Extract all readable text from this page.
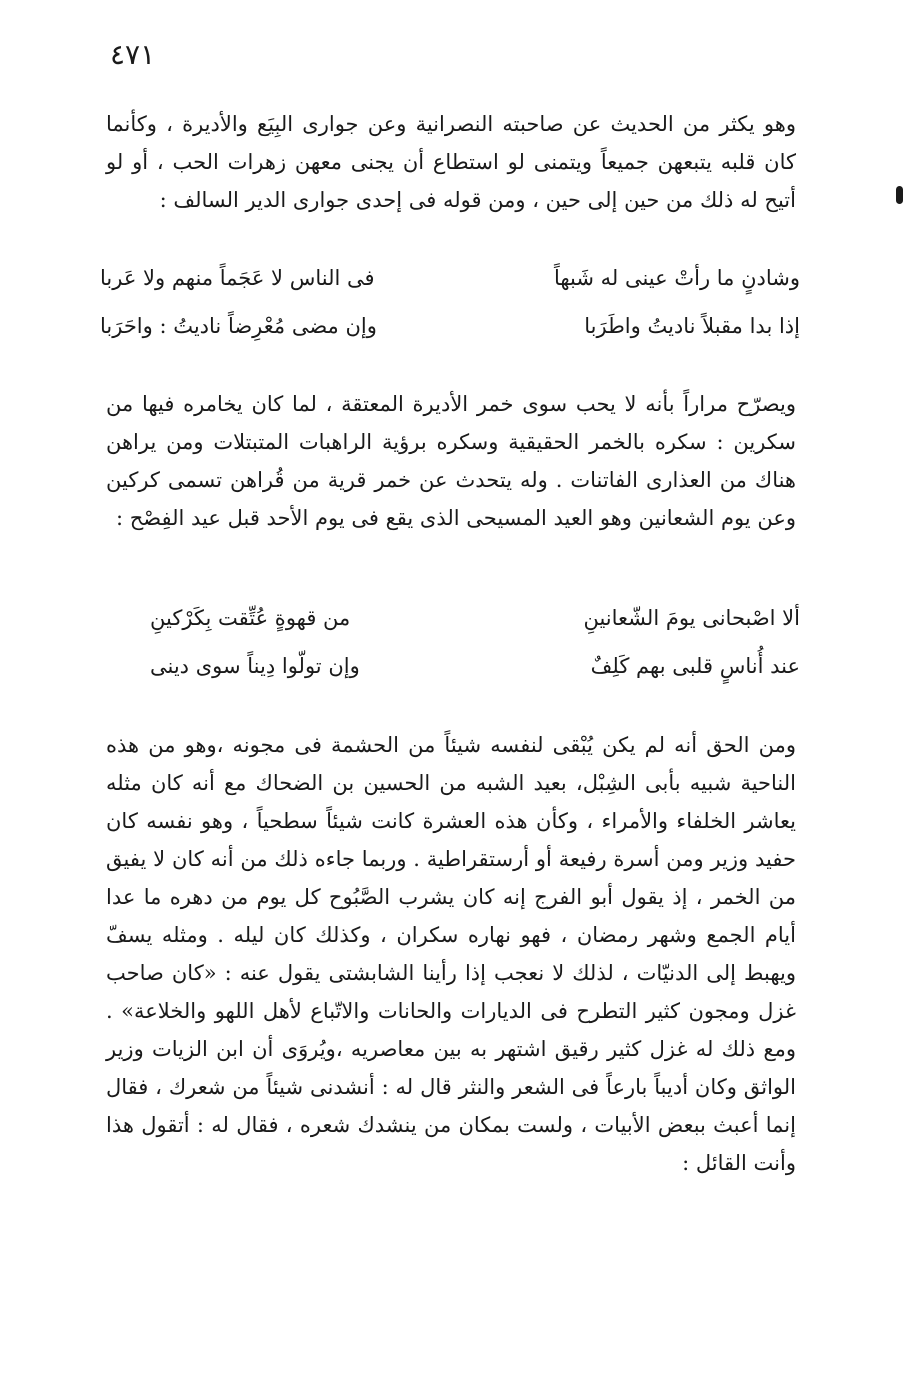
٤٧١

وهو يكثر من الحديث عن صاحبته النصرانية وعن جوارى البِيَع والأديرة ، وكأنما كان قلبه يتبعهن جميعاً ويتمنى لو استطاع أن يجنى معهن زهرات الحب ، أو لو أتيح له ذلك من حين إلى حين ، ومن قوله فى إحدى جوارى الدير السالف :

وشادنٍ ما رأتْ عينى له شَبهاً
فى الناس لا عَجَماً منهم ولا عَربا
إذا بدا مقبلاً ناديتُ واطَرَبا
وإن مضى مُعْرِضاً ناديتُ : واحَرَبا

ويصرّح مراراً بأنه لا يحب سوى خمر الأديرة المعتقة ، لما كان يخامره فيها من سكرين : سكره بالخمر الحقيقية وسكره برؤية الراهبات المتبتلات ومن يراهن هناك من العذارى الفاتنات . وله يتحدث عن خمر قرية من قُراهن تسمى كركين وعن يوم الشعانين وهو العيد المسيحى الذى يقع فى يوم الأحد قبل عيد الفِصْح :

ألا اصْبحانى يومَ الشّعانينِ
من قهوةٍ عُتِّقت بِكَرْكينِ
عند أُناسٍ قلبى بهم كَلِفٌ
وإن تولّوا دِيناً سوى دينى

ومن الحق أنه لم يكن يُبْقى لنفسه شيئاً من الحشمة فى مجونه ،وهو من هذه الناحية شبيه بأبى الشِبْل، بعيد الشبه من الحسين بن الضحاك مع أنه كان مثله يعاشر الخلفاء والأمراء ، وكأن هذه العشرة كانت شيئاً سطحياً ، وهو نفسه كان حفيد وزير ومن أسرة رفيعة أو أرستقراطية . وربما جاءه ذلك من أنه كان لا يفيق من الخمر ، إذ يقول أبو الفرج إنه كان يشرب الصَّبُوح كل يوم من دهره ما عدا أيام الجمع وشهر رمضان ، فهو نهاره سكران ، وكذلك كان ليله . ومثله يسفّ ويهبط إلى الدنيّات ، لذلك لا نعجب إذا رأينا الشابشتى يقول عنه : «كان صاحب غزل ومجون كثير التطرح فى الديارات والحانات والاتّباع لأهل اللهو والخلاعة» . ومع ذلك له غزل كثير رقيق اشتهر به بين معاصريه ،ويُروَى أن ابن الزيات وزير الواثق وكان أديباً بارعاً فى الشعر والنثر قال له : أنشدنى شيئاً من شعرك ، فقال إنما أعبث ببعض الأبيات ، ولست بمكان من ينشدك شعره ، فقال له : أتقول هذا وأنت القائل :
